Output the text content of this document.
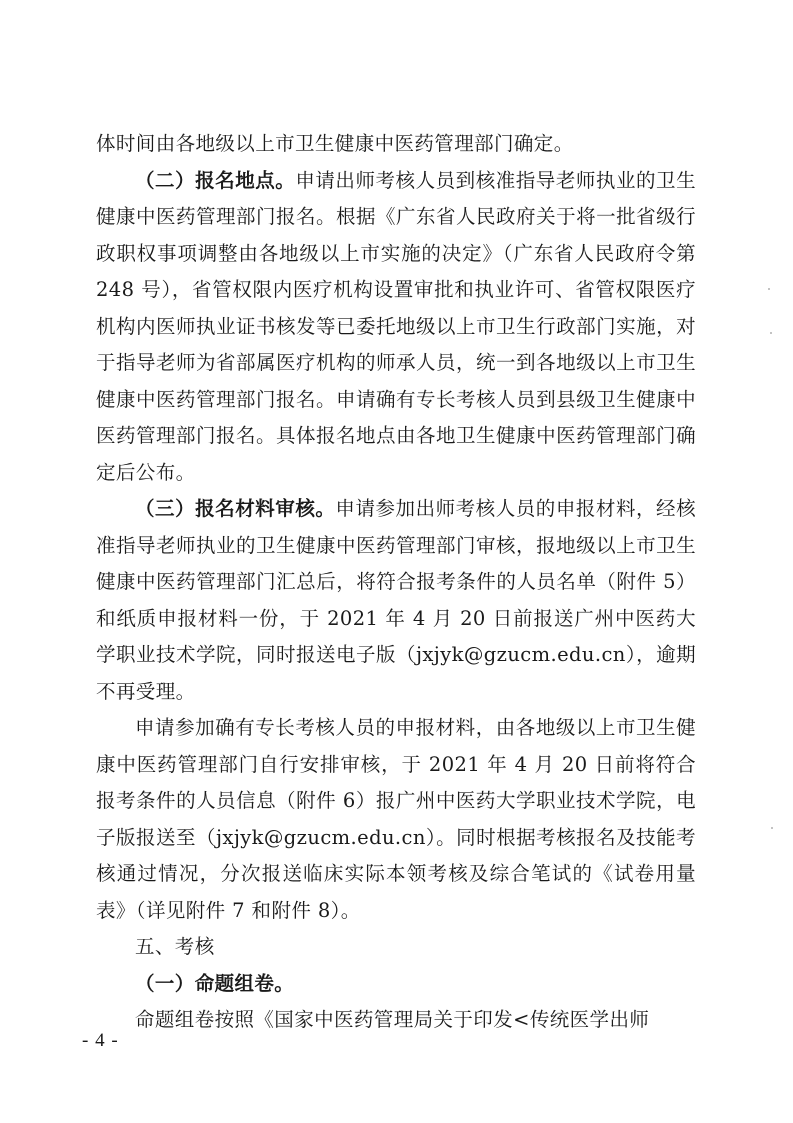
体时间由各地级以上市卫生健康中医药管理部门确定。

（二）报名地点。申请出师考核人员到核准指导老师执业的卫生健康中医药管理部门报名。根据《广东省人民政府关于将一批省级行政职权事项调整由各地级以上市实施的决定》（广东省人民政府令第 248 号），省管权限内医疗机构设置审批和执业许可、省管权限医疗机构内医师执业证书核发等已委托地级以上市卫生行政部门实施，对于指导老师为省部属医疗机构的师承人员，统一到各地级以上市卫生健康中医药管理部门报名。申请确有专长考核人员到县级卫生健康中医药管理部门报名。具体报名地点由各地卫生健康中医药管理部门确定后公布。

（三）报名材料审核。申请参加出师考核人员的申报材料，经核准指导老师执业的卫生健康中医药管理部门审核，报地级以上市卫生健康中医药管理部门汇总后，将符合报考条件的人员名单（附件 5）和纸质申报材料一份，于 2021 年 4 月 20 日前报送广州中医药大学职业技术学院，同时报送电子版（jxjyk@gzucm.edu.cn），逾期不再受理。

申请参加确有专长考核人员的申报材料，由各地级以上市卫生健康中医药管理部门自行安排审核，于 2021 年 4 月 20 日前将符合报考条件的人员信息（附件 6）报广州中医药大学职业技术学院，电子版报送至（jxjyk@gzucm.edu.cn）。同时根据考核报名及技能考核通过情况，分次报送临床实际本领考核及综合笔试的《试卷用量表》（详见附件 7 和附件 8）。

五、考核

（一）命题组卷。

命题组卷按照《国家中医药管理局关于印发<传统医学出师

- 4 -
